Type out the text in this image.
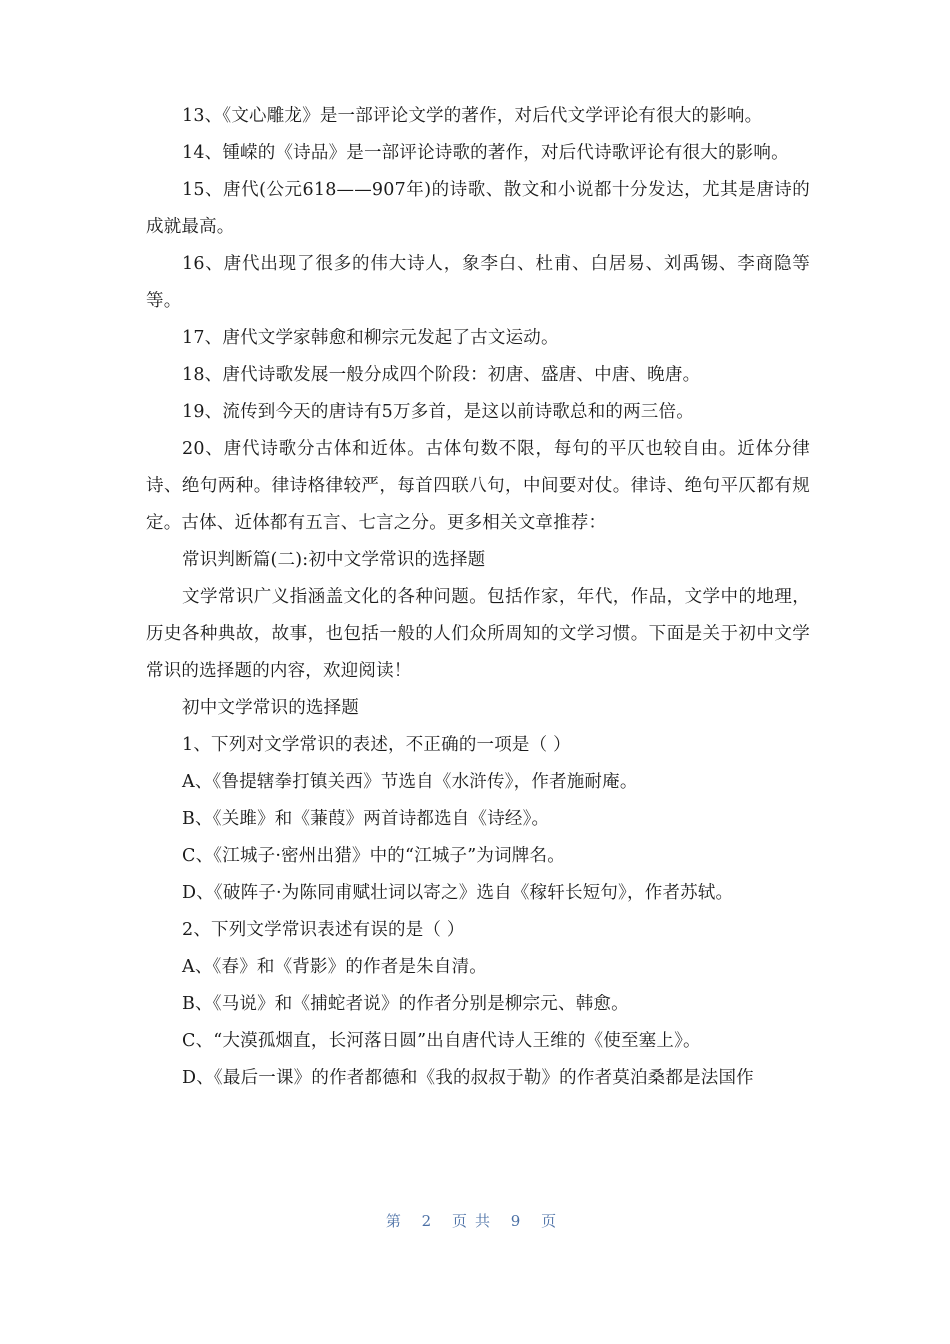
13、《文心雕龙》是一部评论文学的著作，对后代文学评论有很大的影响。

14、锺嵘的《诗品》是一部评论诗歌的著作，对后代诗歌评论有很大的影响。

15、唐代(公元618——907年)的诗歌、散文和小说都十分发达，尤其是唐诗的成就最高。

16、唐代出现了很多的伟大诗人，象李白、杜甫、白居易、刘禹锡、李商隐等等。

17、唐代文学家韩愈和柳宗元发起了古文运动。

18、唐代诗歌发展一般分成四个阶段：初唐、盛唐、中唐、晚唐。

19、流传到今天的唐诗有5万多首，是这以前诗歌总和的两三倍。

20、唐代诗歌分古体和近体。古体句数不限，每句的平仄也较自由。近体分律诗、绝句两种。律诗格律较严，每首四联八句，中间要对仗。律诗、绝句平仄都有规定。古体、近体都有五言、七言之分。更多相关文章推荐：

常识判断篇(二):初中文学常识的选择题

文学常识广义指涵盖文化的各种问题。包括作家，年代，作品，文学中的地理，历史各种典故，故事，也包括一般的人们众所周知的文学习惯。下面是关于初中文学常识的选择题的内容，欢迎阅读！

初中文学常识的选择题

1、下列对文学常识的表述，不正确的一项是（ ）

A、《鲁提辖拳打镇关西》节选自《水浒传》，作者施耐庵。

B、《关雎》和《蒹葭》两首诗都选自《诗经》。

C、《江城子·密州出猎》中的“江城子”为词牌名。

D、《破阵子·为陈同甫赋壮词以寄之》选自《稼轩长短句》，作者苏轼。

2、下列文学常识表述有误的是（ ）

A、《春》和《背影》的作者是朱自清。

B、《马说》和《捕蛇者说》的作者分别是柳宗元、韩愈。

C、“大漠孤烟直，长河落日圆”出自唐代诗人王维的《使至塞上》。

D、《最后一课》的作者都德和《我的叔叔于勒》的作者莫泊桑都是法国作

第 2 页共 9 页
